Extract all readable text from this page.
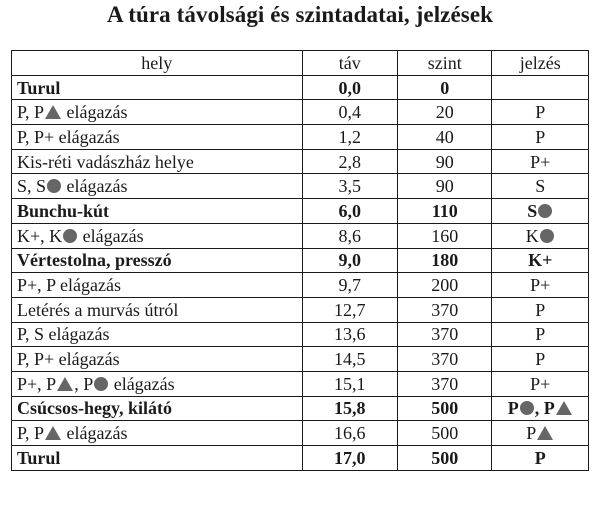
A túra távolsági és szintadatai, jelzések
hely	táv	szint	jelzés
Turul	0,0	0	
P, P elágazás	0,4	20	P
P, P+ elágazás	1,2	40	P
Kis-réti vadászház helye	2,8	90	P+
S, S elágazás	3,5	90	S
Bunchu-kút	6,0	110	S
K+, K elágazás	8,6	160	K
Vértestolna, presszó	9,0	180	K+
P+, P elágazás	9,7	200	P+
Letérés a murvás útról	12,7	370	P
P, S elágazás	13,6	370	P
P, P+ elágazás	14,5	370	P
P+, P , P elágazás	15,1	370	P+
Csúcsos-hegy, kilátó	15,8	500	P , P
P, P elágazás	16,6	500	P
Turul	17,0	500	P
